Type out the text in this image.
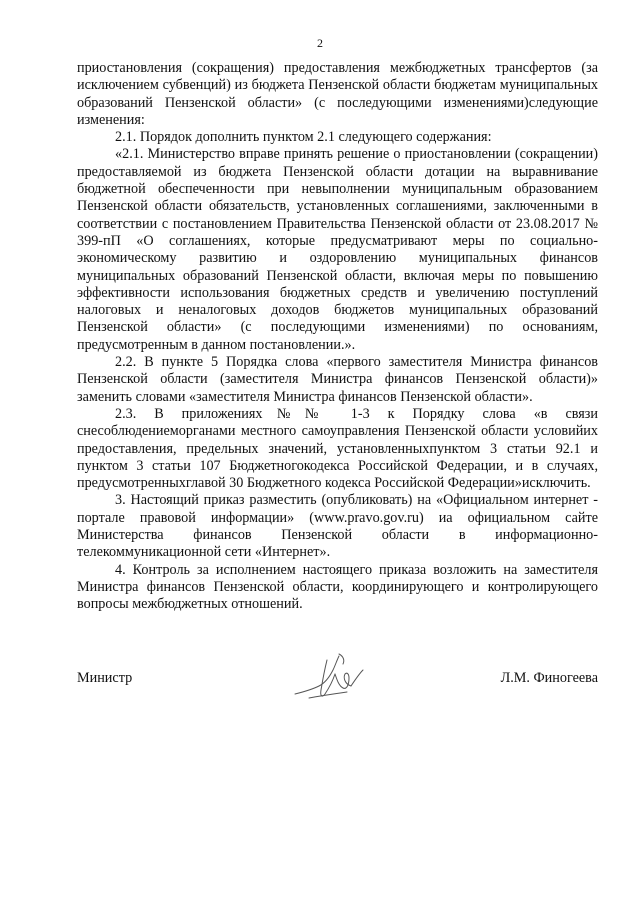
2

приостановления (сокращения) предоставления межбюджетных трансфертов (за исключением субвенций) из бюджета Пензенской области бюджетам муниципальных образований Пензенской области» (с последующими изменениями)следующие изменения:

2.1. Порядок дополнить пунктом 2.1 следующего содержания:

«2.1. Министерство вправе принять решение о приостановлении (сокращении) предоставляемой из бюджета Пензенской области дотации на выравнивание бюджетной обеспеченности при невыполнении муниципальным образованием Пензенской области обязательств, установленных соглашениями, заключенными в соответствии с постановлением Правительства Пензенской области от 23.08.2017 № 399-пП «О соглашениях, которые предусматривают меры по социально-экономическому развитию и оздоровлению муниципальных финансов муниципальных образований Пензенской области, включая меры по повышению эффективности использования бюджетных средств и увеличению поступлений налоговых и неналоговых доходов бюджетов муниципальных образований Пензенской области» (с последующими изменениями) по основаниям, предусмотренным в данном постановлении.».

2.2. В пункте 5 Порядка слова «первого заместителя Министра финансов Пензенской области (заместителя Министра финансов Пензенской области)» заменить словами «заместителя Министра финансов Пензенской области».

2.3. В приложениях№№ 1-3 к Порядку слова «в связи снесоблюдениеморганами местного самоуправления Пензенской области условийих предоставления, предельных значений, установленныхпунктом 3 статьи 92.1 и пунктом 3 статьи 107 Бюджетногокодекса Российской Федерации, и в случаях, предусмотренныхглавой 30 Бюджетного кодекса Российской Федерации»исключить.

3. Настоящий приказ разместить (опубликовать) на «Официальном интернет - портале правовой информации» (www.pravo.gov.ru) иа официальном сайте Министерства финансов Пензенской области в информационно-телекоммуникационной сети «Интернет».

4. Контроль за исполнением настоящего приказа возложить на заместителя Министра финансов Пензенской области, координирующего и контролирующего вопросы межбюджетных отношений.

Министр	Л.М. Финогеева
